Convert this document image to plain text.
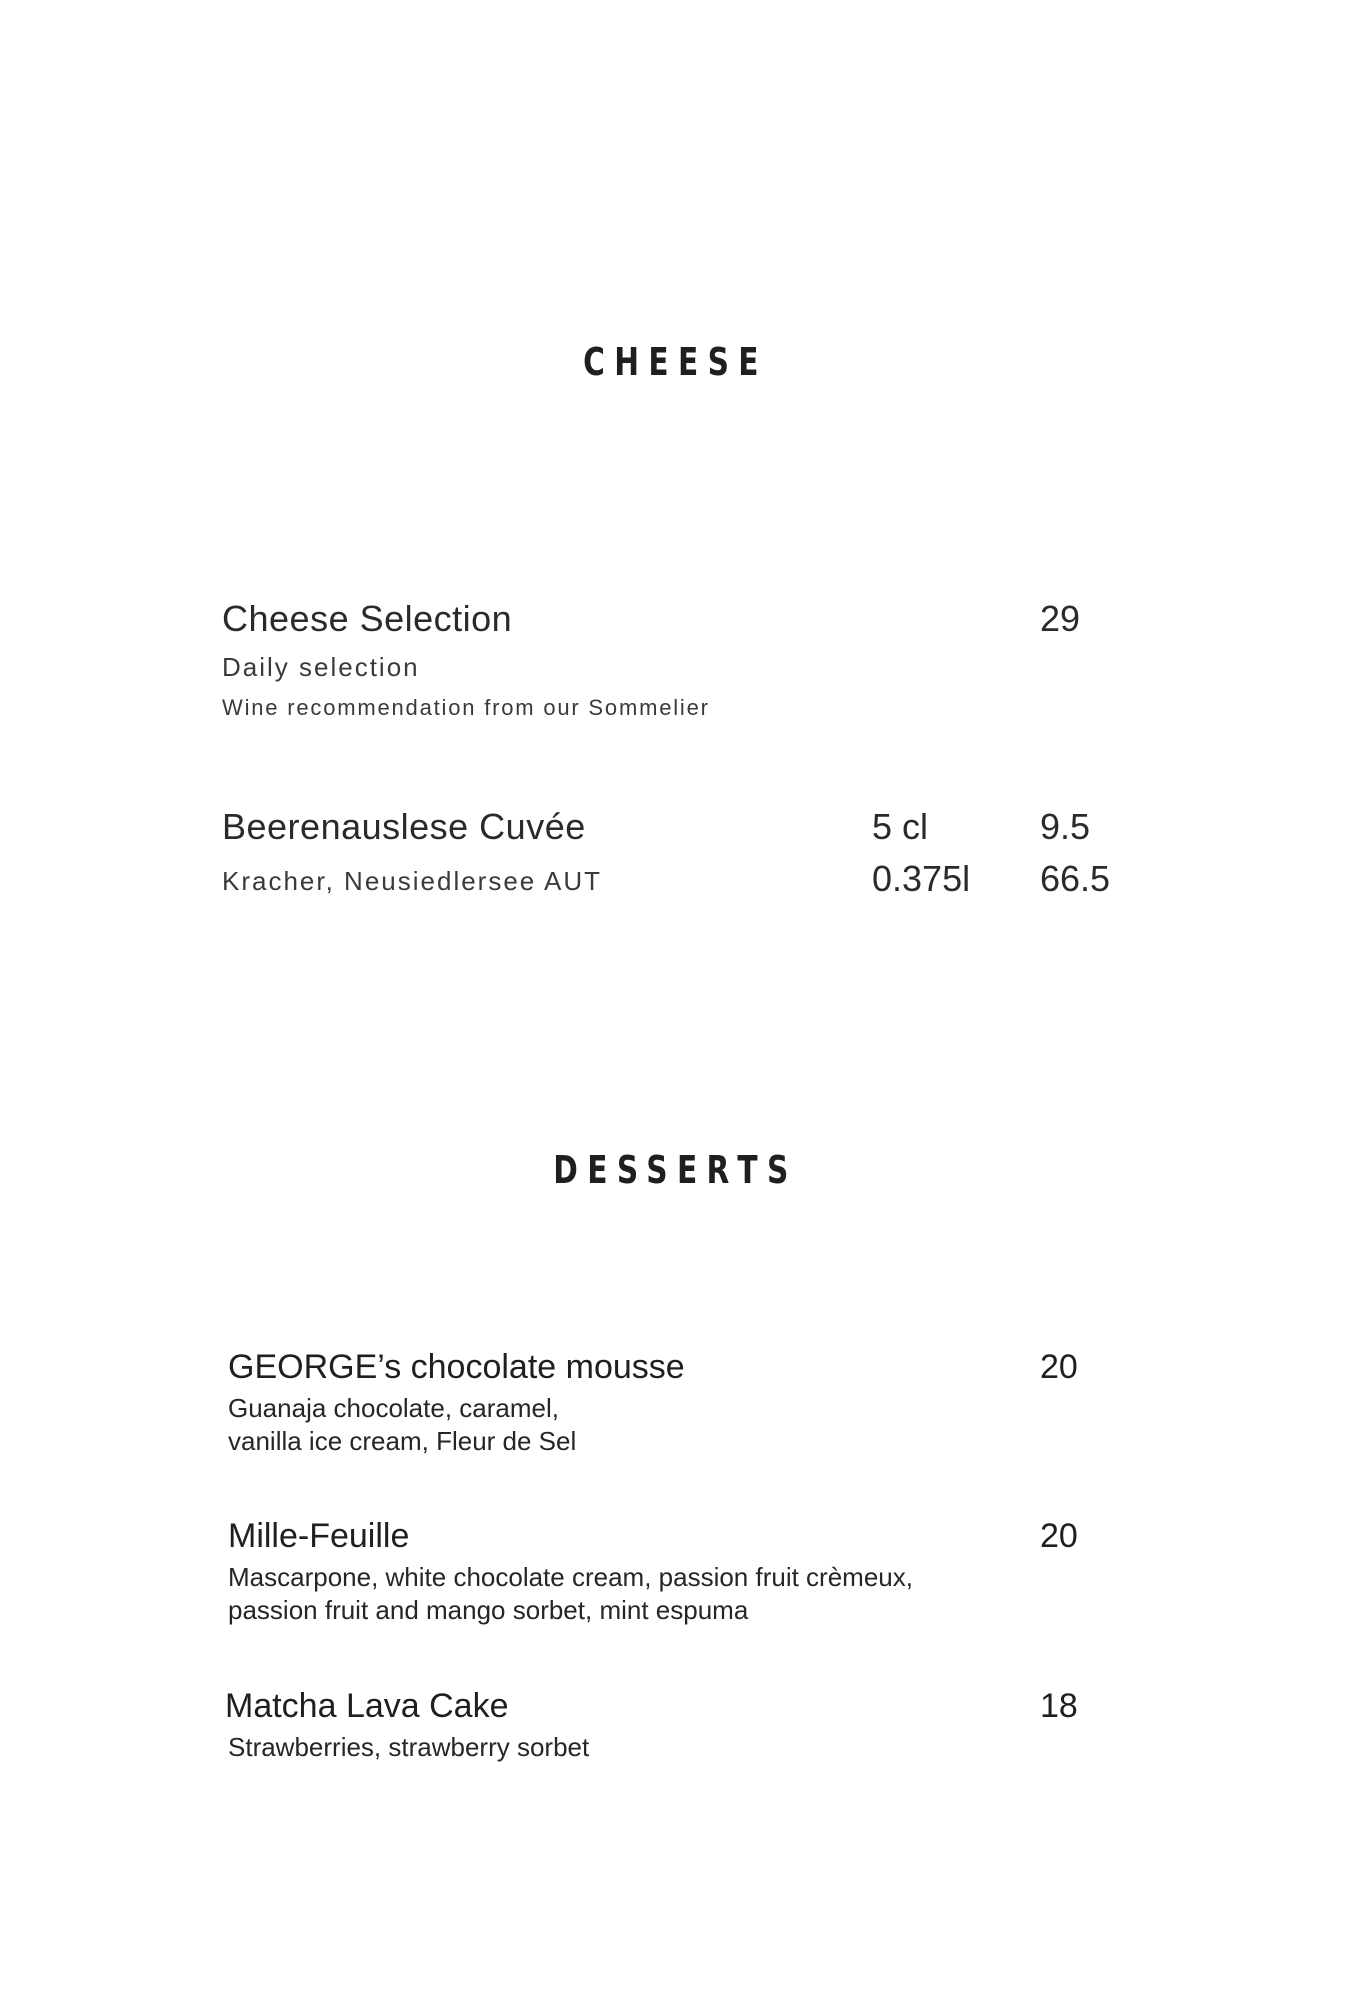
CHEESE
Cheese Selection	29
Daily selection
Wine recommendation from our Sommelier
Beerenauslese Cuvée	5 cl	9.5
Kracher, Neusiedlersee AUT	0.375l 66.5
DESSERTS
GEORGE’s chocolate mousse	20
Guanaja chocolate, caramel,
vanilla ice cream, Fleur de Sel
Mille-Feuille	20
Mascarpone, white chocolate cream, passion fruit crèmeux,
passion fruit and mango sorbet, mint espuma
Matcha Lava Cake	18
Strawberries, strawberry sorbet
